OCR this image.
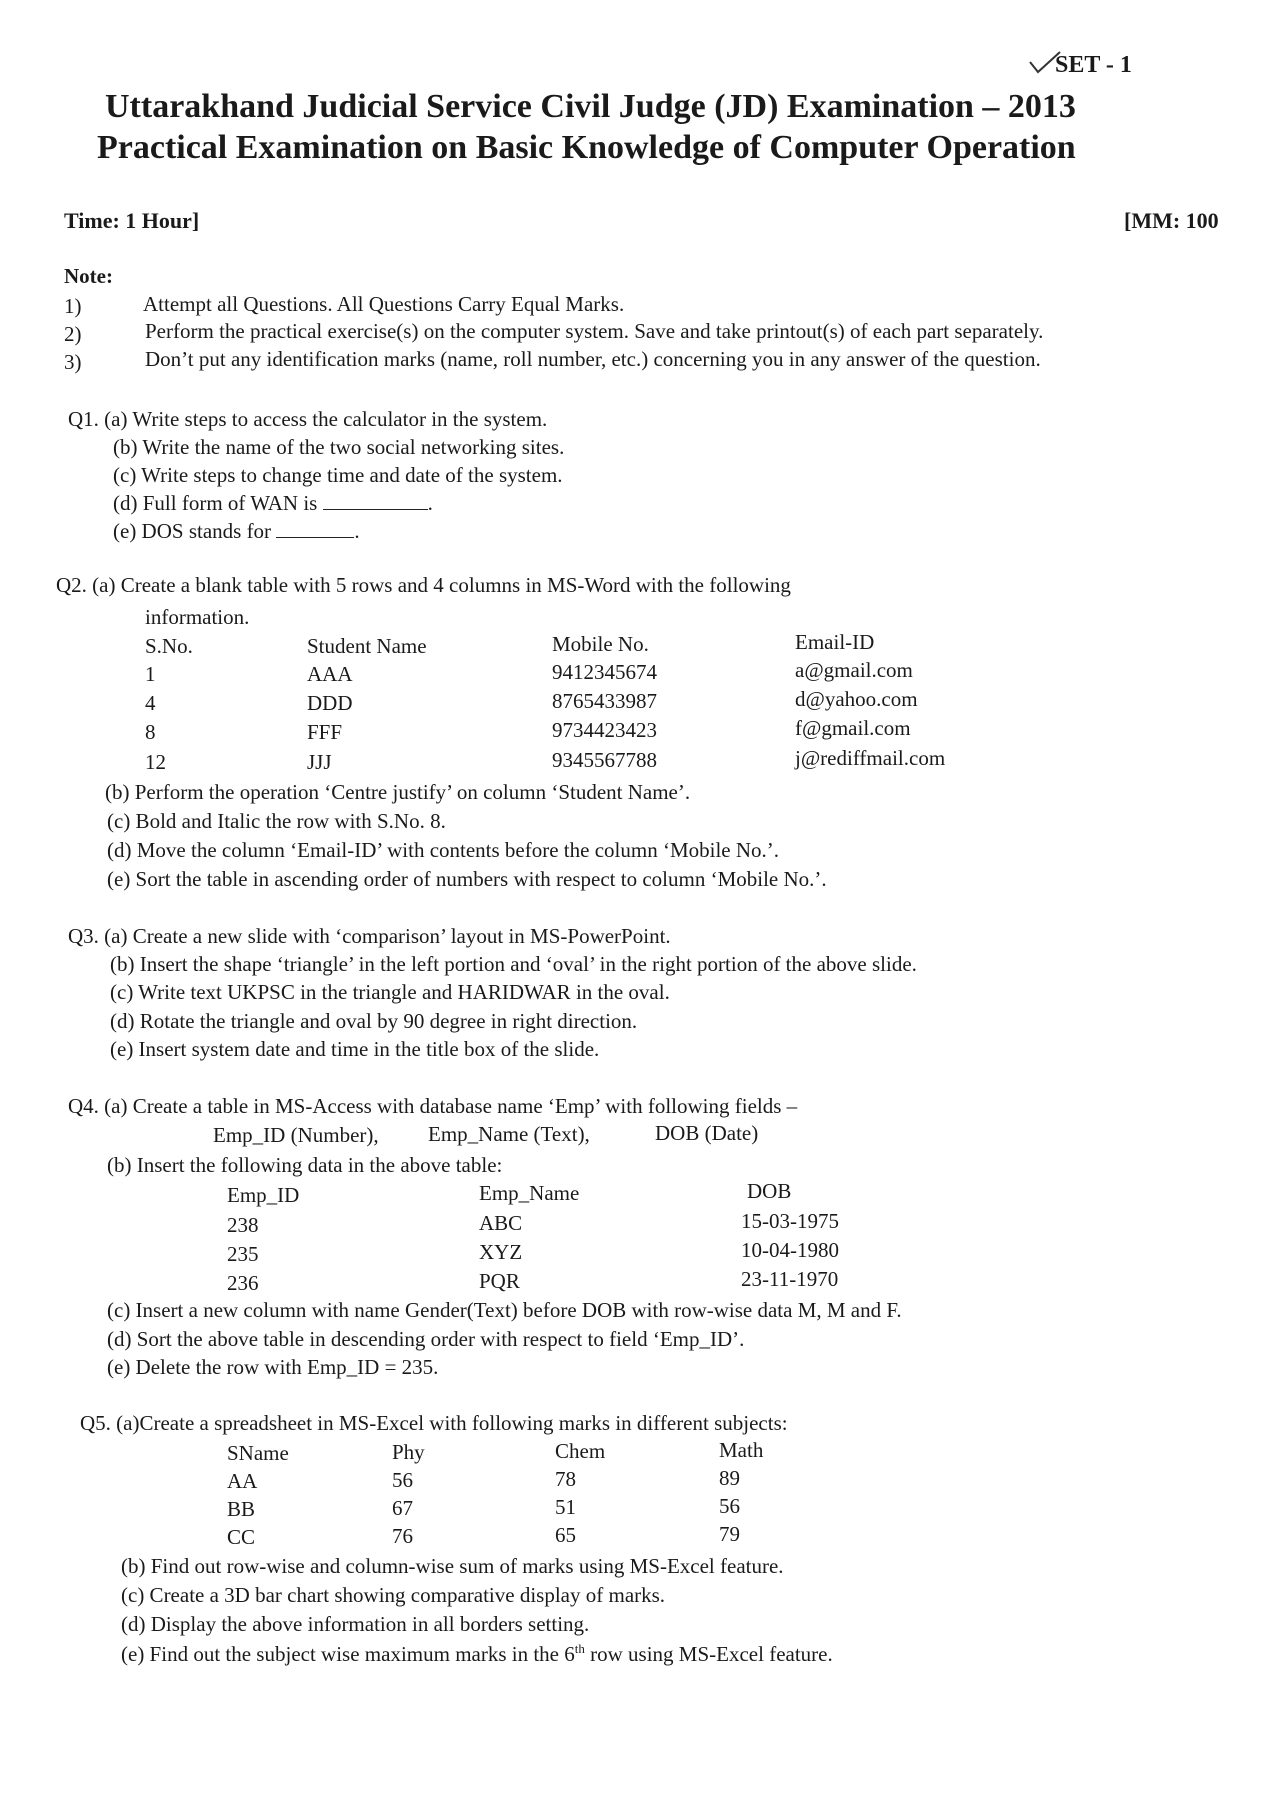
SET - 1
Uttarakhand Judicial Service Civil Judge (JD) Examination – 2013
Practical Examination on Basic Knowledge of Computer Operation
Time: 1 Hour]	[MM: 100
Note:
1)	Attempt all Questions. All Questions Carry Equal Marks.
2)	Perform the practical exercise(s) on the computer system. Save and take printout(s) of each part separately.
3)	Don’t put any identification marks (name, roll number, etc.) concerning you in any answer of the question.
Q1. (a) Write steps to access the calculator in the system.
(b) Write the name of the two social networking sites.
(c) Write steps to change time and date of the system.
(d) Full form of WAN is	.
(e) DOS stands for	.
Q2. (a) Create a blank table with 5 rows and 4 columns in MS-Word with the following
information.
S.No.	Student Name	Mobile No.	Email-ID
1	AAA	9412345674	a@gmail.com
4	DDD	8765433987	d@yahoo.com
8	FFF	9734423423	f@gmail.com
12	JJJ	9345567788	j@rediffmail.com
(b) Perform the operation ‘Centre justify’ on column ‘Student Name’.
(c) Bold and Italic the row with S.No. 8.
(d) Move the column ‘Email-ID’ with contents before the column ‘Mobile No.’.
(e) Sort the table in ascending order of numbers with respect to column ‘Mobile No.’.
Q3. (a) Create a new slide with ‘comparison’ layout in MS-PowerPoint.
(b) Insert the shape ‘triangle’ in the left portion and ‘oval’ in the right portion of the above slide.
(c) Write text UKPSC in the triangle and HARIDWAR in the oval.
(d) Rotate the triangle and oval by 90 degree in right direction.
(e) Insert system date and time in the title box of the slide.
Q4. (a) Create a table in MS-Access with database name ‘Emp’ with following fields –
Emp_ID (Number), Emp_Name (Text),	DOB (Date)
(b) Insert the following data in the above table:
Emp_ID	Emp_Name	DOB
238	ABC	15-03-1975
235	XYZ	10-04-1980
236	PQR	23-11-1970
(c) Insert a new column with name Gender(Text) before DOB with row-wise data M, M and F.
(d) Sort the above table in descending order with respect to field ‘Emp_ID’.
(e) Delete the row with Emp_ID = 235.
Q5. (a)Create a spreadsheet in MS-Excel with following marks in different subjects:
SName	Phy	Chem	Math
AA	56	78	89
BB	67	51	56
CC	76	65	79
(b) Find out row-wise and column-wise sum of marks using MS-Excel feature.
(c) Create a 3D bar chart showing comparative display of marks.
(d) Display the above information in all borders setting.
(e) Find out the subject wise maximum marks in the 6th row using MS-Excel feature.
